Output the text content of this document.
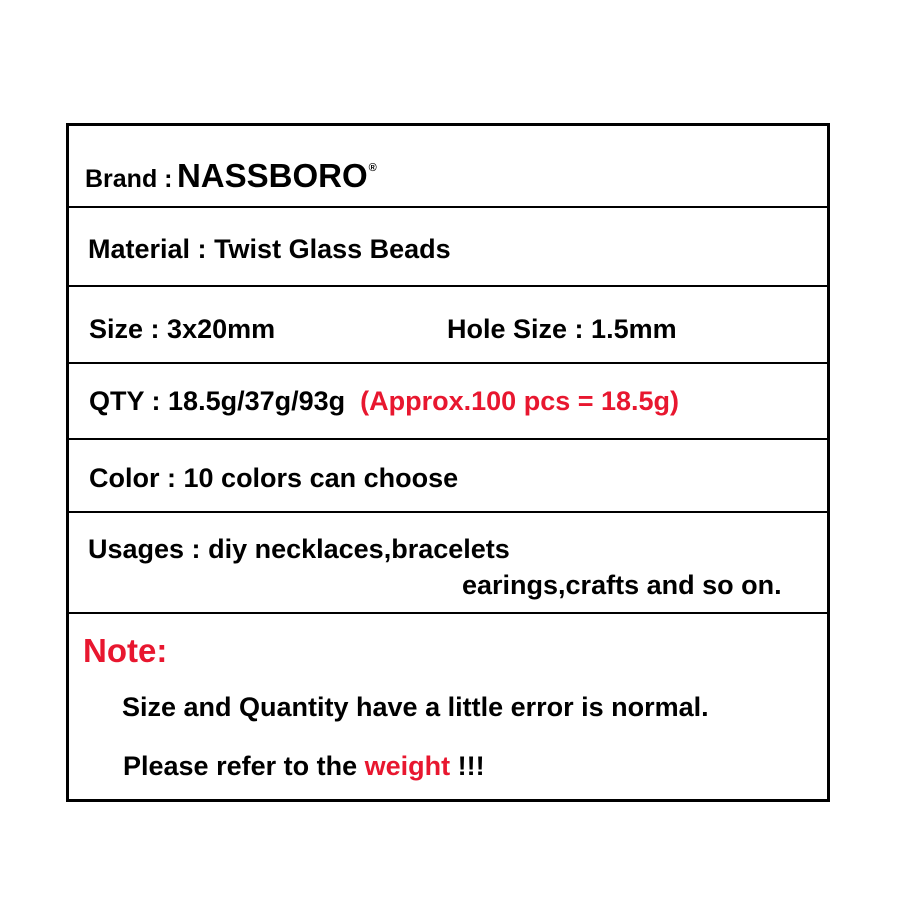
Brand : NASSBORO®
Material : Twist Glass Beads
Size : 3x20mm	Hole Size : 1.5mm
QTY : 18.5g/37g/93g (Approx.100 pcs = 18.5g)
Color : 10 colors can choose
Usages : diy necklaces,bracelets
earings,crafts and so on.
Note:
Size and Quantity have a little error is normal.
Please refer to the weight !!!
